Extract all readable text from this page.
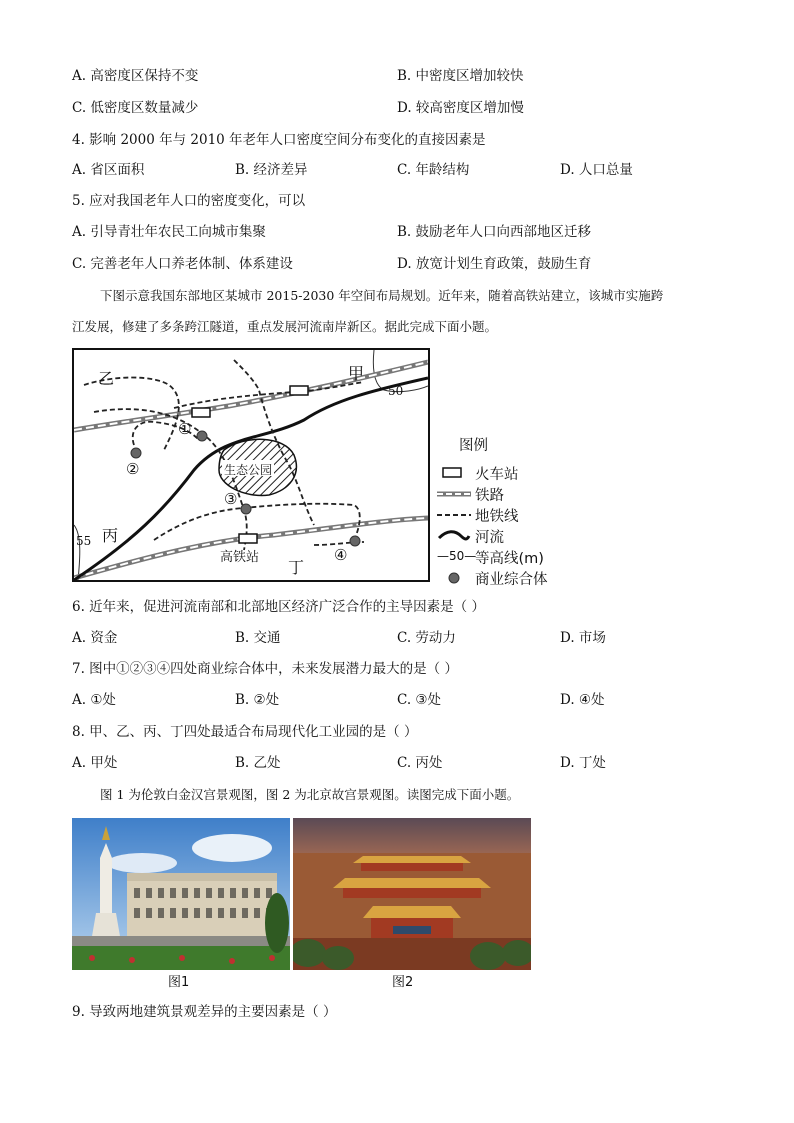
A. 高密度区保持不变	B. 中密度区增加较快
C. 低密度区数量减少	D. 较高密度区增加慢
4. 影响 2000 年与 2010 年老年人口密度空间分布变化的直接因素是
A. 省区面积	B. 经济差异	C. 年龄结构	D. 人口总量
5. 应对我国老年人口的密度变化，可以
A. 引导青壮年农民工向城市集聚	B. 鼓励老年人口向西部地区迁移
C. 完善老年人口养老体制、体系建设	D. 放宽计划生育政策，鼓励生育
下图示意我国东部地区某城市 2015-2030 年空间布局规划。近年来，随着高铁站建立，该城市实施跨
江发展，修建了多条跨江隧道，重点发展河流南岸新区。据此完成下面小题。
乙	甲
丙
丁
生态公园
高铁站
50
55
①
②
③
④
图例
火车站
铁路
地铁线
河流
—50—
等高线(m)
商业综合体
6. 近年来，促进河流南部和北部地区经济广泛合作的主导因素是（ ）
A. 资金	B. 交通	C. 劳动力	D. 市场
7. 图中①②③④四处商业综合体中，未来发展潜力最大的是（ ）
A. ①处	B. ②处	C. ③处	D. ④处
8. 甲、乙、丙、丁四处最适合布局现代化工业园的是（ ）
A. 甲处	B. 乙处	C. 丙处	D. 丁处
图 1 为伦敦白金汉宫景观图，图 2 为北京故宫景观图。读图完成下面小题。
图1	图2
9. 导致两地建筑景观差异的主要因素是（ ）
